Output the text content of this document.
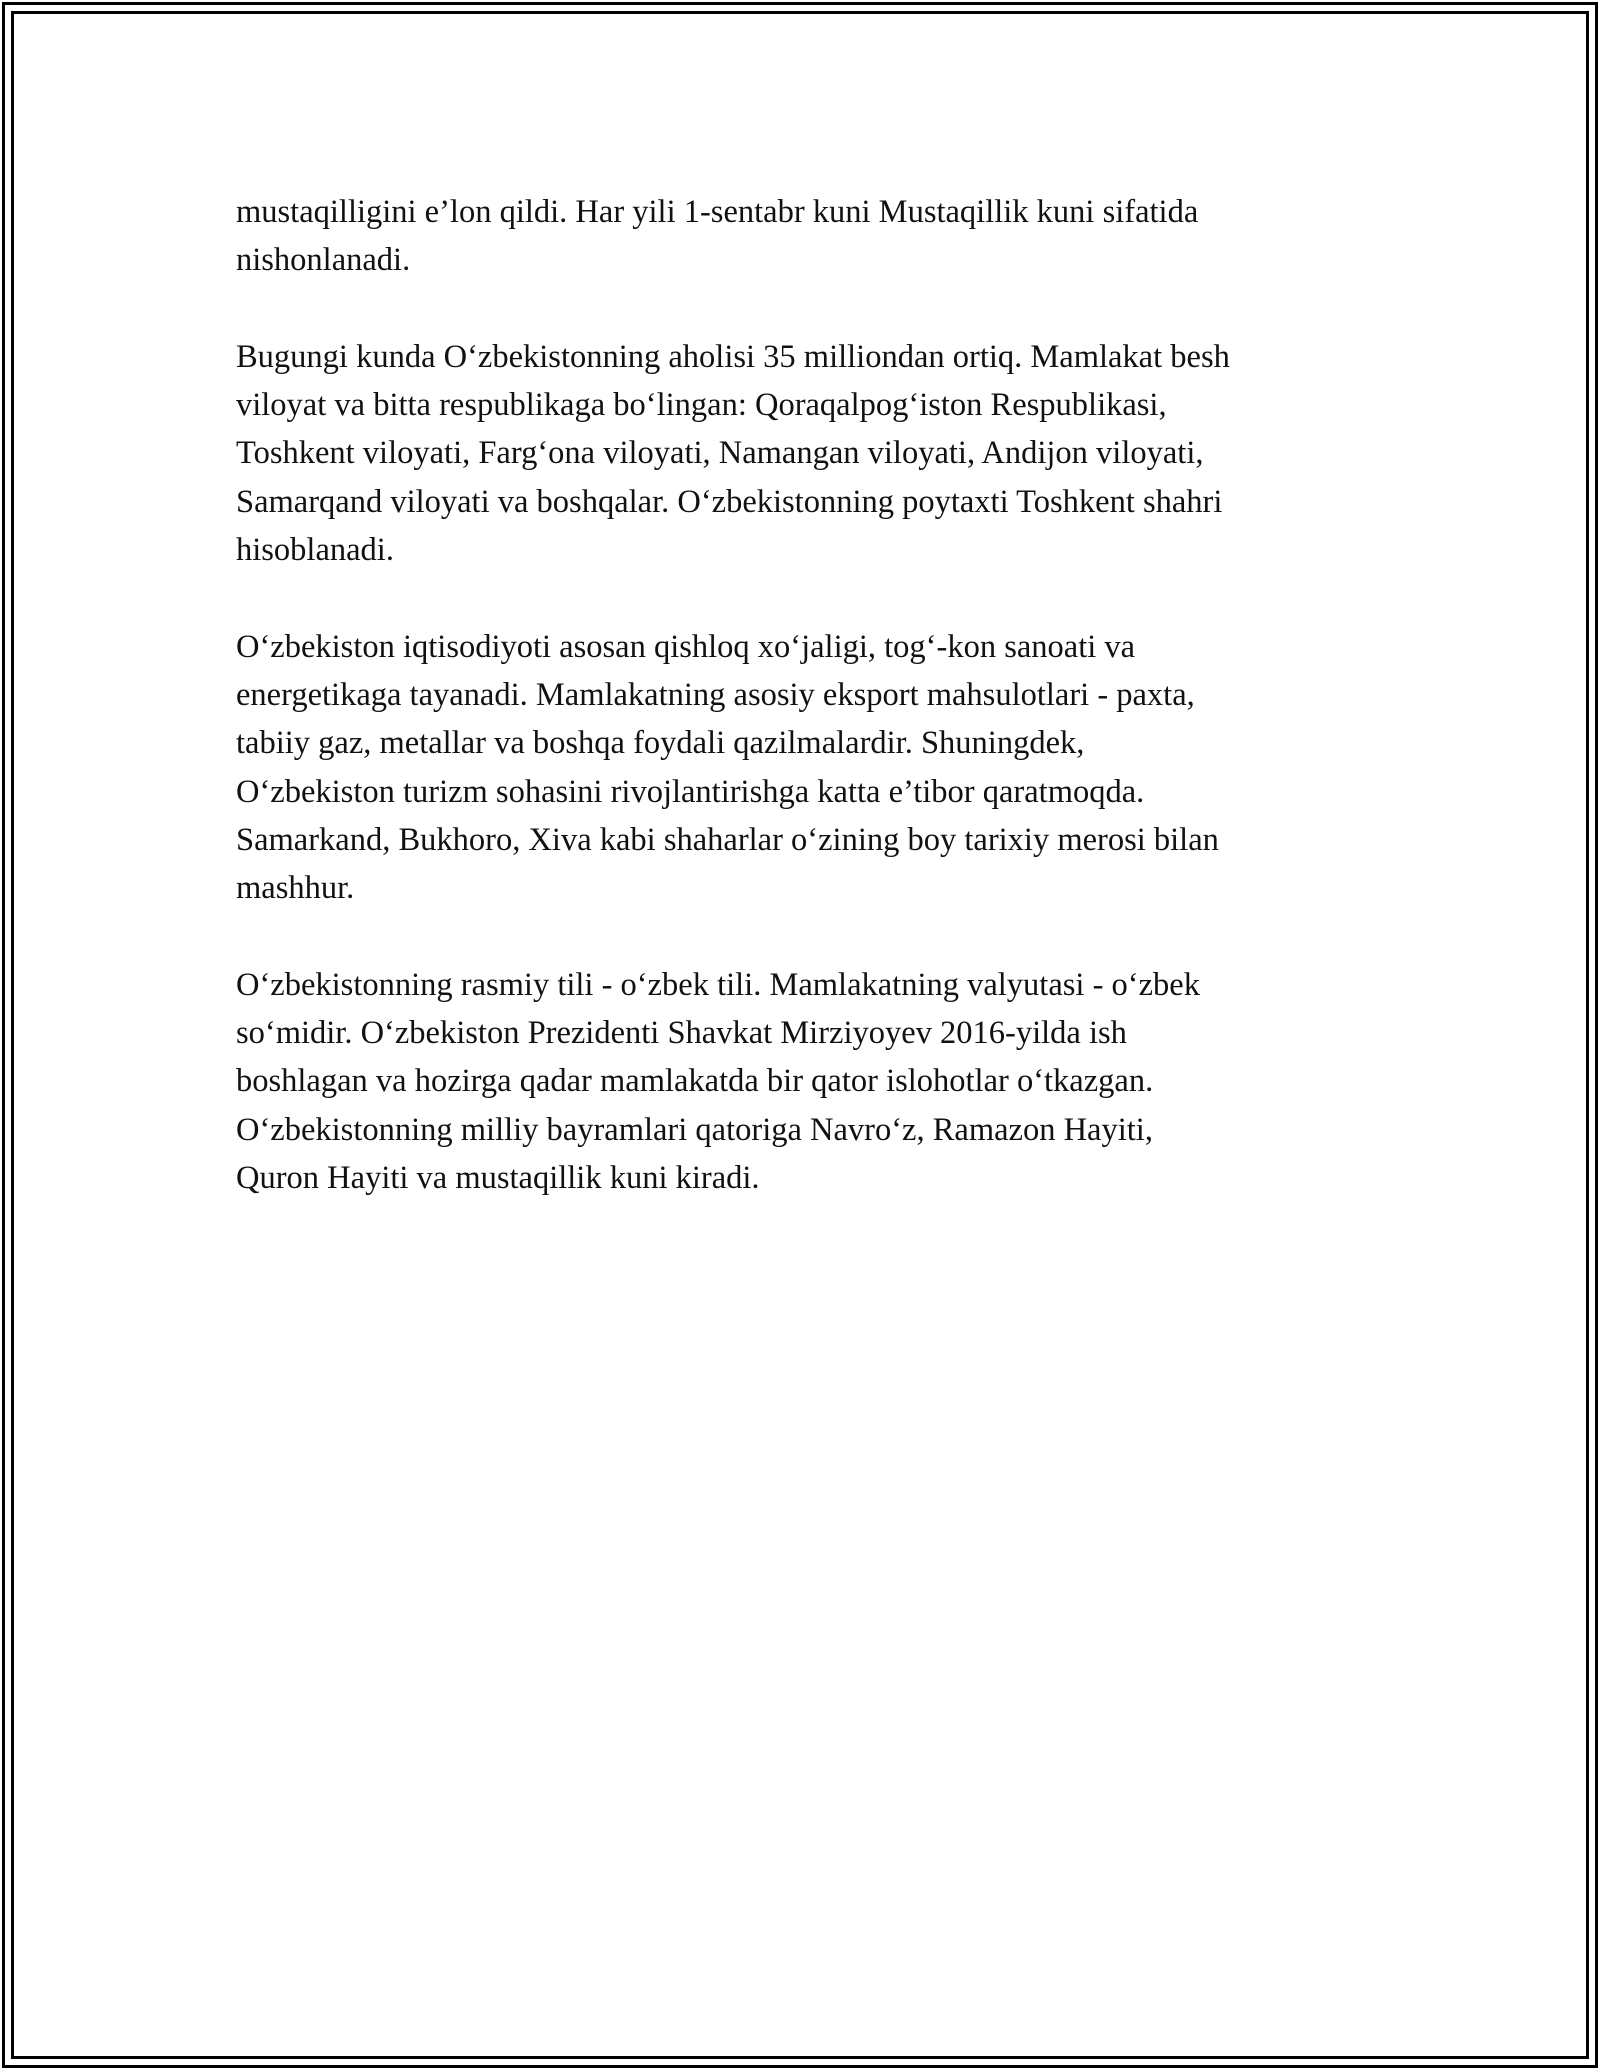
mustaqilligini e’lon qildi. Har yili 1-sentabr kuni Mustaqillik kuni sifatida
nishonlanadi.

Bugungi kunda O‘zbekistonning aholisi 35 milliondan ortiq. Mamlakat besh
viloyat va bitta respublikaga bo‘lingan: Qoraqalpog‘iston Respublikasi,
Toshkent viloyati, Farg‘ona viloyati, Namangan viloyati, Andijon viloyati,
Samarqand viloyati va boshqalar. O‘zbekistonning poytaxti Toshkent shahri
hisoblanadi.

O‘zbekiston iqtisodiyoti asosan qishloq xo‘jaligi, tog‘-kon sanoati va
energetikaga tayanadi. Mamlakatning asosiy eksport mahsulotlari - paxta,
tabiiy gaz, metallar va boshqa foydali qazilmalardir. Shuningdek,
O‘zbekiston turizm sohasini rivojlantirishga katta e’tibor qaratmoqda.
Samarkand, Bukhoro, Xiva kabi shaharlar o‘zining boy tarixiy merosi bilan
mashhur.

O‘zbekistonning rasmiy tili - o‘zbek tili. Mamlakatning valyutasi - o‘zbek
so‘midir. O‘zbekiston Prezidenti Shavkat Mirziyoyev 2016-yilda ish
boshlagan va hozirga qadar mamlakatda bir qator islohotlar o‘tkazgan.
O‘zbekistonning milliy bayramlari qatoriga Navro‘z, Ramazon Hayiti,
Quron Hayiti va mustaqillik kuni kiradi.
